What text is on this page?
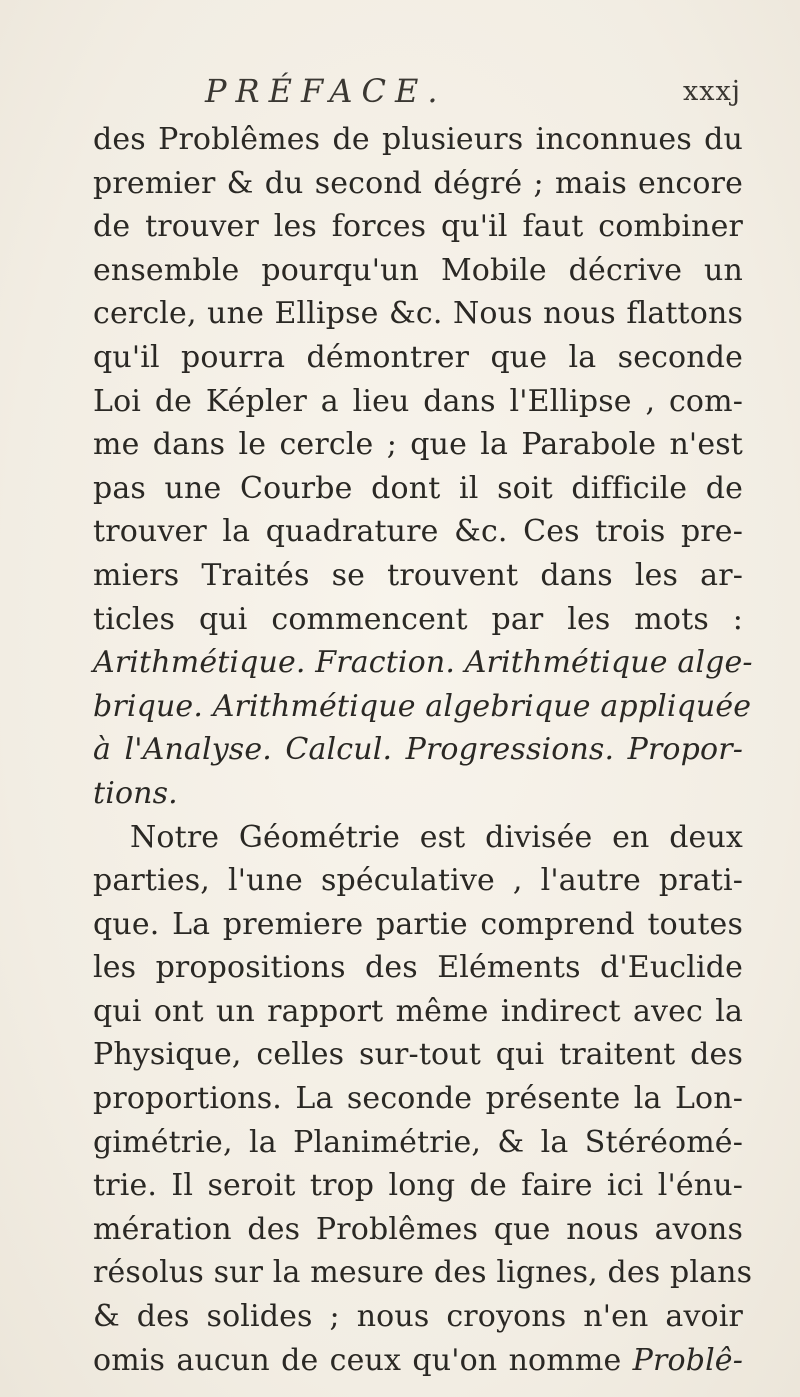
PRÉFACE.	xxxj
des Problêmes de plusieurs inconnues du
premier & du second dégré ; mais encore
de trouver les forces qu'il faut combiner
ensemble pourqu'un Mobile décrive un
cercle, une Ellipse &c. Nous nous flattons
qu'il pourra démontrer que la seconde
Loi de Képler a lieu dans l'Ellipse , com-
me dans le cercle ; que la Parabole n'est
pas une Courbe dont il soit difficile de
trouver la quadrature &c. Ces trois pre-
miers Traités se trouvent dans les ar-
ticles qui commencent par les mots :
Arithmétique. Fraction. Arithmétique alge-
brique. Arithmétique algebrique appliquée
à l'Analyse. Calcul. Progressions. Propor-
tions.
Notre Géométrie est divisée en deux
parties, l'une spéculative , l'autre prati-
que. La premiere partie comprend toutes
les propositions des Eléments d'Euclide
qui ont un rapport même indirect avec la
Physique, celles sur-tout qui traitent des
proportions. La seconde présente la Lon-
gimétrie, la Planimétrie, & la Stéréomé-
trie. Il seroit trop long de faire ici l'énu-
mération des Problêmes que nous avons
résolus sur la mesure des lignes, des plans
& des solides ; nous croyons n'en avoir
omis aucun de ceux qu'on nomme Problê-
